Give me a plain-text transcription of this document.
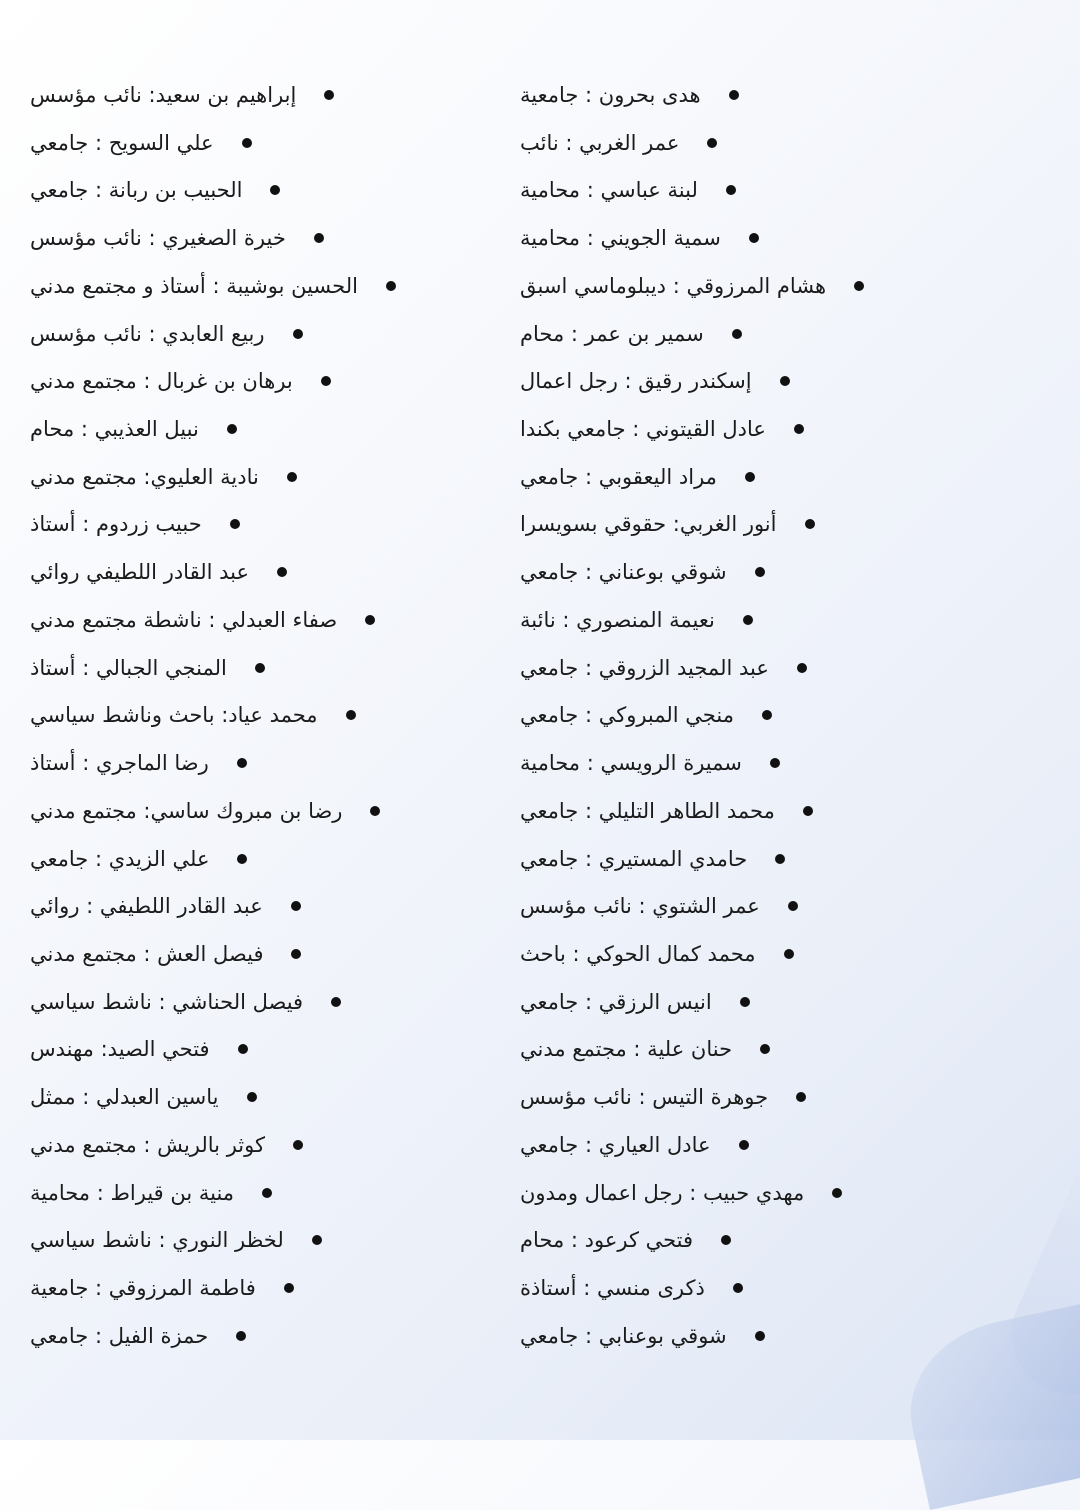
هدى بحرون : جامعية
عمر الغربي : نائب
لبنة عباسي : محامية
سمية الجويني : محامية
هشام المرزوقي : ديبلوماسي اسبق
سمير بن عمر : محام
إسكندر رقيق : رجل اعمال
عادل القيتوني : جامعي بكندا
مراد اليعقوبي : جامعي
أنور الغربي: حقوقي بسويسرا
شوقي بوعناني : جامعي
نعيمة المنصوري : نائبة
عبد المجيد الزروقي : جامعي
منجي المبروكي : جامعي
سميرة الرويسي : محامية
محمد الطاهر التليلي : جامعي
حامدي المستيري : جامعي
عمر الشتوي : نائب مؤسس
محمد كمال الحوكي : باحث
انيس الرزقي : جامعي
حنان علية : مجتمع مدني
جوهرة التيس : نائب مؤسس
عادل العياري : جامعي
مهدي حبيب : رجل اعمال ومدون
فتحي كرعود : محام
ذكرى منسي : أستاذة
شوقي بوعنابي : جامعي
إبراهيم بن سعيد: نائب مؤسس
علي السويح : جامعي
الحبيب بن ربانة : جامعي
خيرة الصغيري : نائب مؤسس
الحسين بوشيبة : أستاذ و مجتمع مدني
ربيع العابدي : نائب مؤسس
برهان بن غربال : مجتمع مدني
نبيل العذيبي : محام
نادية العليوي: مجتمع مدني
حبيب زردوم : أستاذ
عبد القادر اللطيفي روائي
صفاء العبدلي : ناشطة مجتمع مدني
المنجي الجبالي : أستاذ
محمد عياد: باحث وناشط سياسي
رضا الماجري : أستاذ
رضا بن مبروك ساسي: مجتمع مدني
علي الزيدي : جامعي
عبد القادر اللطيفي : روائي
فيصل العش : مجتمع مدني
فيصل الحناشي : ناشط سياسي
فتحي الصيد: مهندس
ياسين العبدلي : ممثل
كوثر بالريش : مجتمع مدني
منية بن قيراط : محامية
لخظر النوري : ناشط سياسي
فاطمة المرزوقي : جامعية
حمزة الفيل : جامعي
